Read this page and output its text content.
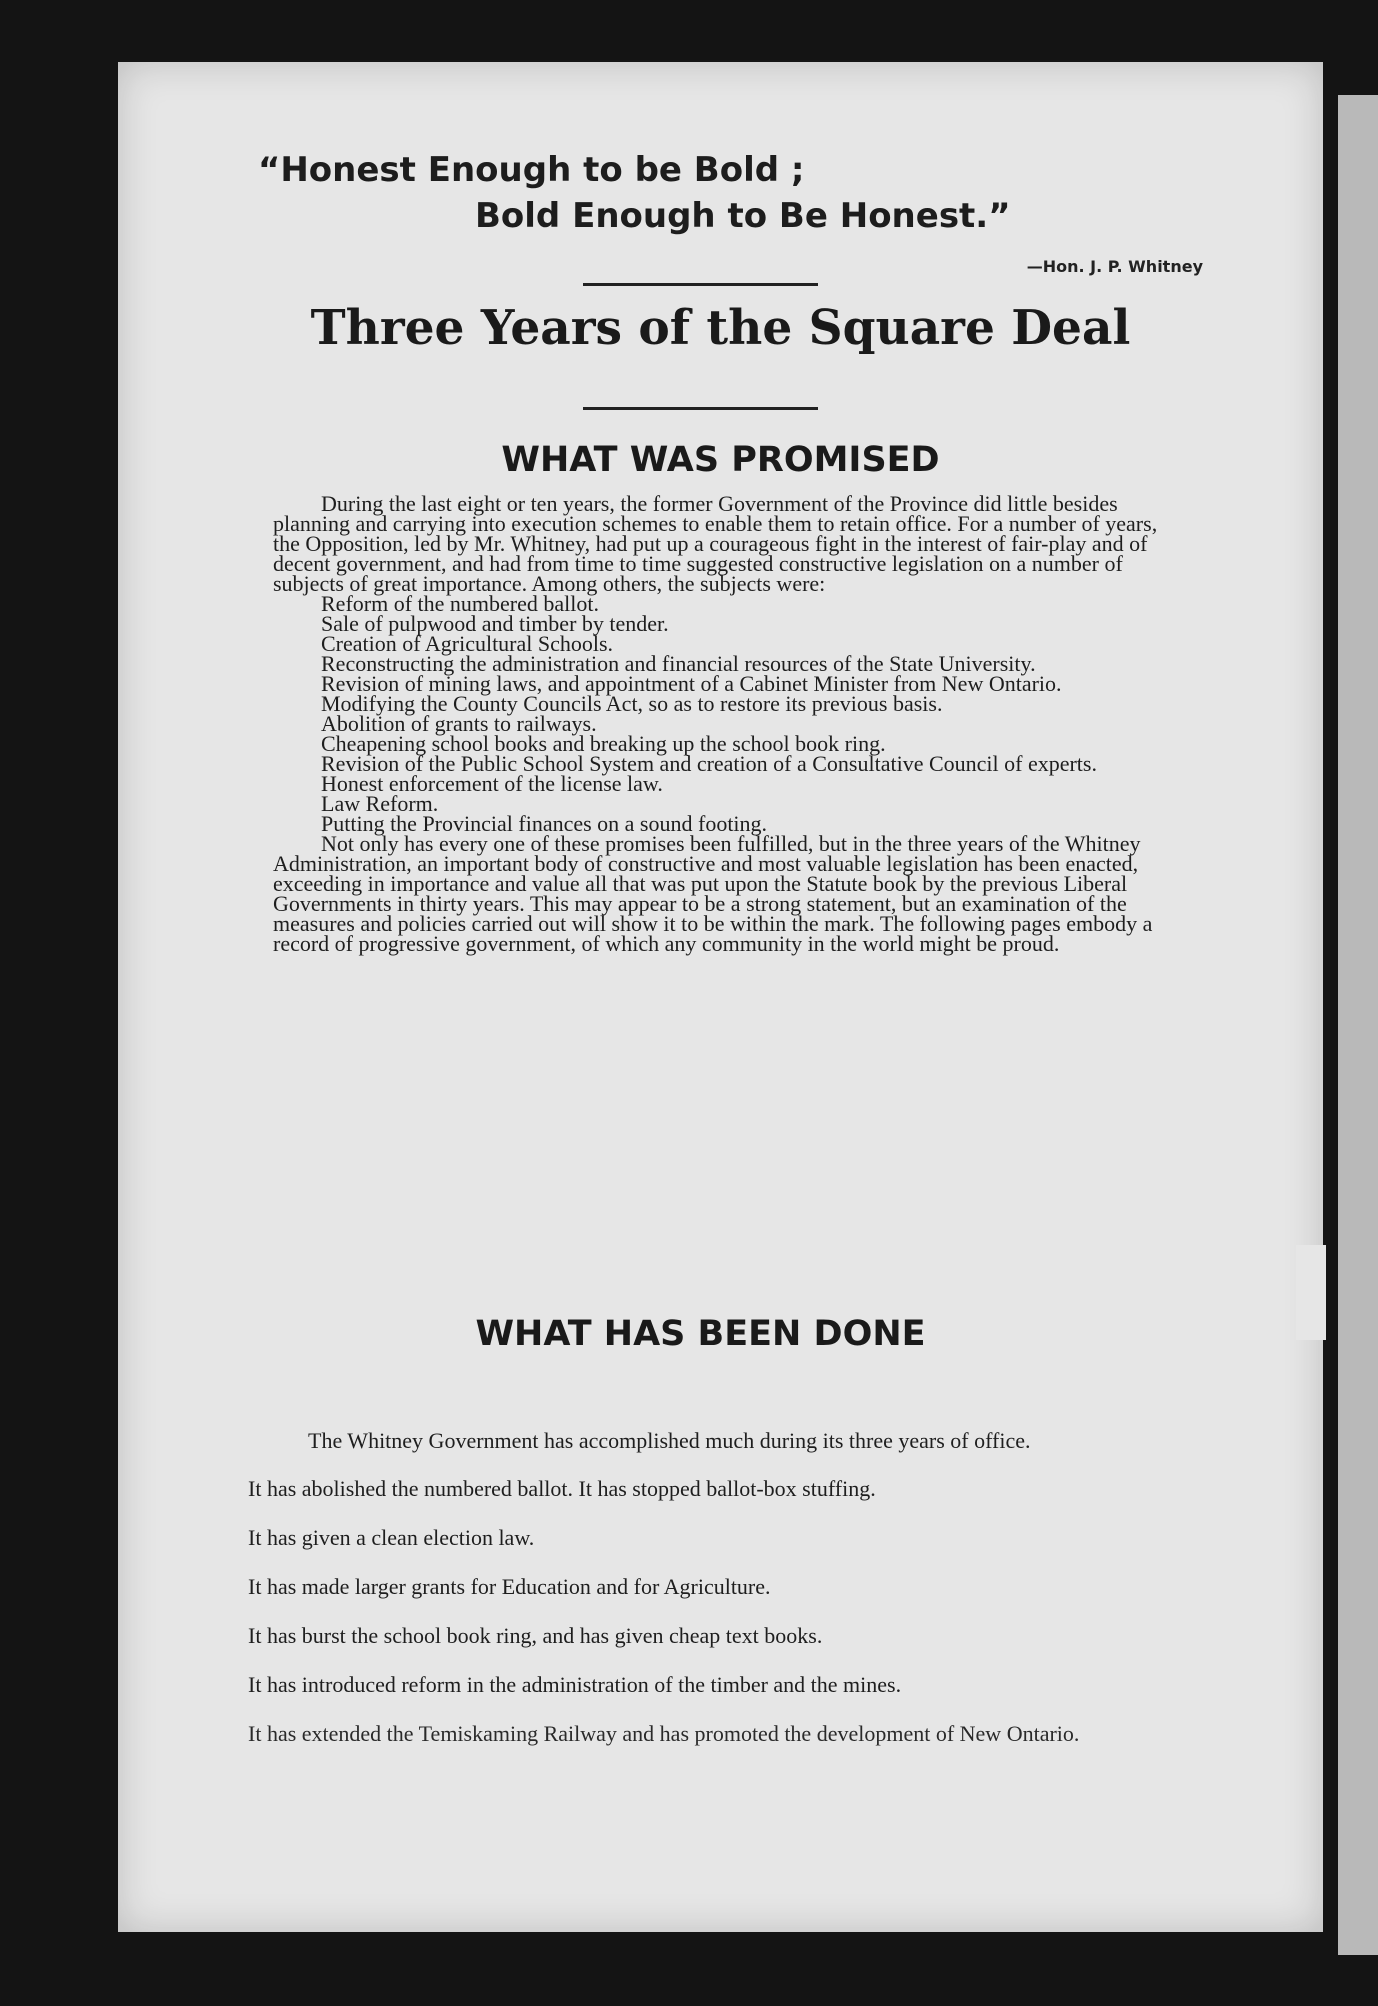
“Honest Enough to be Bold ;
Bold Enough to Be Honest.”
—Hon. J. P. Whitney
Three Years of the Square Deal
WHAT WAS PROMISED

During the last eight or ten years, the former Government of the Province did little besides planning and carrying into execution schemes to enable them to retain office. For a number of years, the Opposition, led by Mr. Whitney, had put up a courageous fight in the interest of fair-play and of decent government, and had from time to time suggested constructive legislation on a number of subjects of great importance. Among others, the subjects were:

Reform of the numbered ballot.

Sale of pulpwood and timber by tender.

Creation of Agricultural Schools.

Reconstructing the administration and financial resources of the State University.

Revision of mining laws, and appointment of a Cabinet Minister from New Ontario.

Modifying the County Councils Act, so as to restore its previous basis.

Abolition of grants to railways.

Cheapening school books and breaking up the school book ring.

Revision of the Public School System and creation of a Consultative Council of experts.

Honest enforcement of the license law.

Law Reform.

Putting the Provincial finances on a sound footing.

Not only has every one of these promises been fulfilled, but in the three years of the Whitney Administration, an important body of constructive and most valuable legislation has been enacted, exceeding in importance and value all that was put upon the Statute book by the previous Liberal Governments in thirty years. This may appear to be a strong statement, but an examination of the measures and policies carried out will show it to be within the mark. The following pages embody a record of progressive government, of which any community in the world might be proud.

WHAT HAS BEEN DONE

The Whitney Government has accomplished much during its three years of office.

It has abolished the numbered ballot. It has stopped ballot-box stuffing.

It has given a clean election law.

It has made larger grants for Education and for Agriculture.

It has burst the school book ring, and has given cheap text books.

It has introduced reform in the administration of the timber and the mines.

It has extended the Temiskaming Railway and has promoted the development of New Ontario.
